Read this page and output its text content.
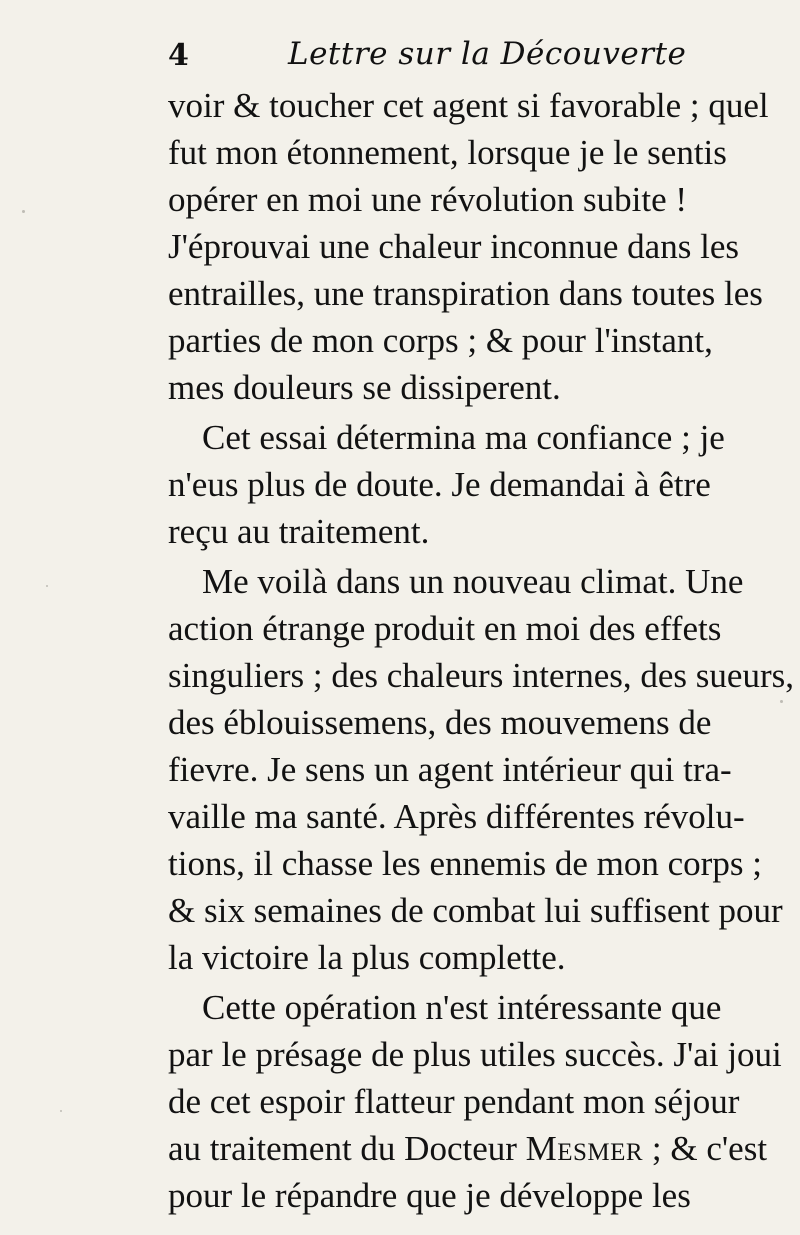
4	Lettre sur la Découverte
voir & toucher cet agent si favorable ; quel
fut mon étonnement, lorsque je le sentis
opérer en moi une révolution subite !
J'éprouvai une chaleur inconnue dans les
entrailles, une transpiration dans toutes les
parties de mon corps ; & pour l'instant,
mes douleurs se dissiperent.
Cet essai détermina ma confiance ; je
n'eus plus de doute. Je demandai à être
reçu au traitement.
Me voilà dans un nouveau climat. Une
action étrange produit en moi des effets
singuliers ; des chaleurs internes, des sueurs,
des éblouissemens, des mouvemens de
fievre. Je sens un agent intérieur qui tra-
vaille ma santé. Après différentes révolu-
tions, il chasse les ennemis de mon corps ;
& six semaines de combat lui suffisent pour
la victoire la plus complette.
Cette opération n'est intéressante que
par le présage de plus utiles succès. J'ai joui
de cet espoir flatteur pendant mon séjour
au traitement du Docteur Mesmer ; & c'est
pour le répandre que je développe les
